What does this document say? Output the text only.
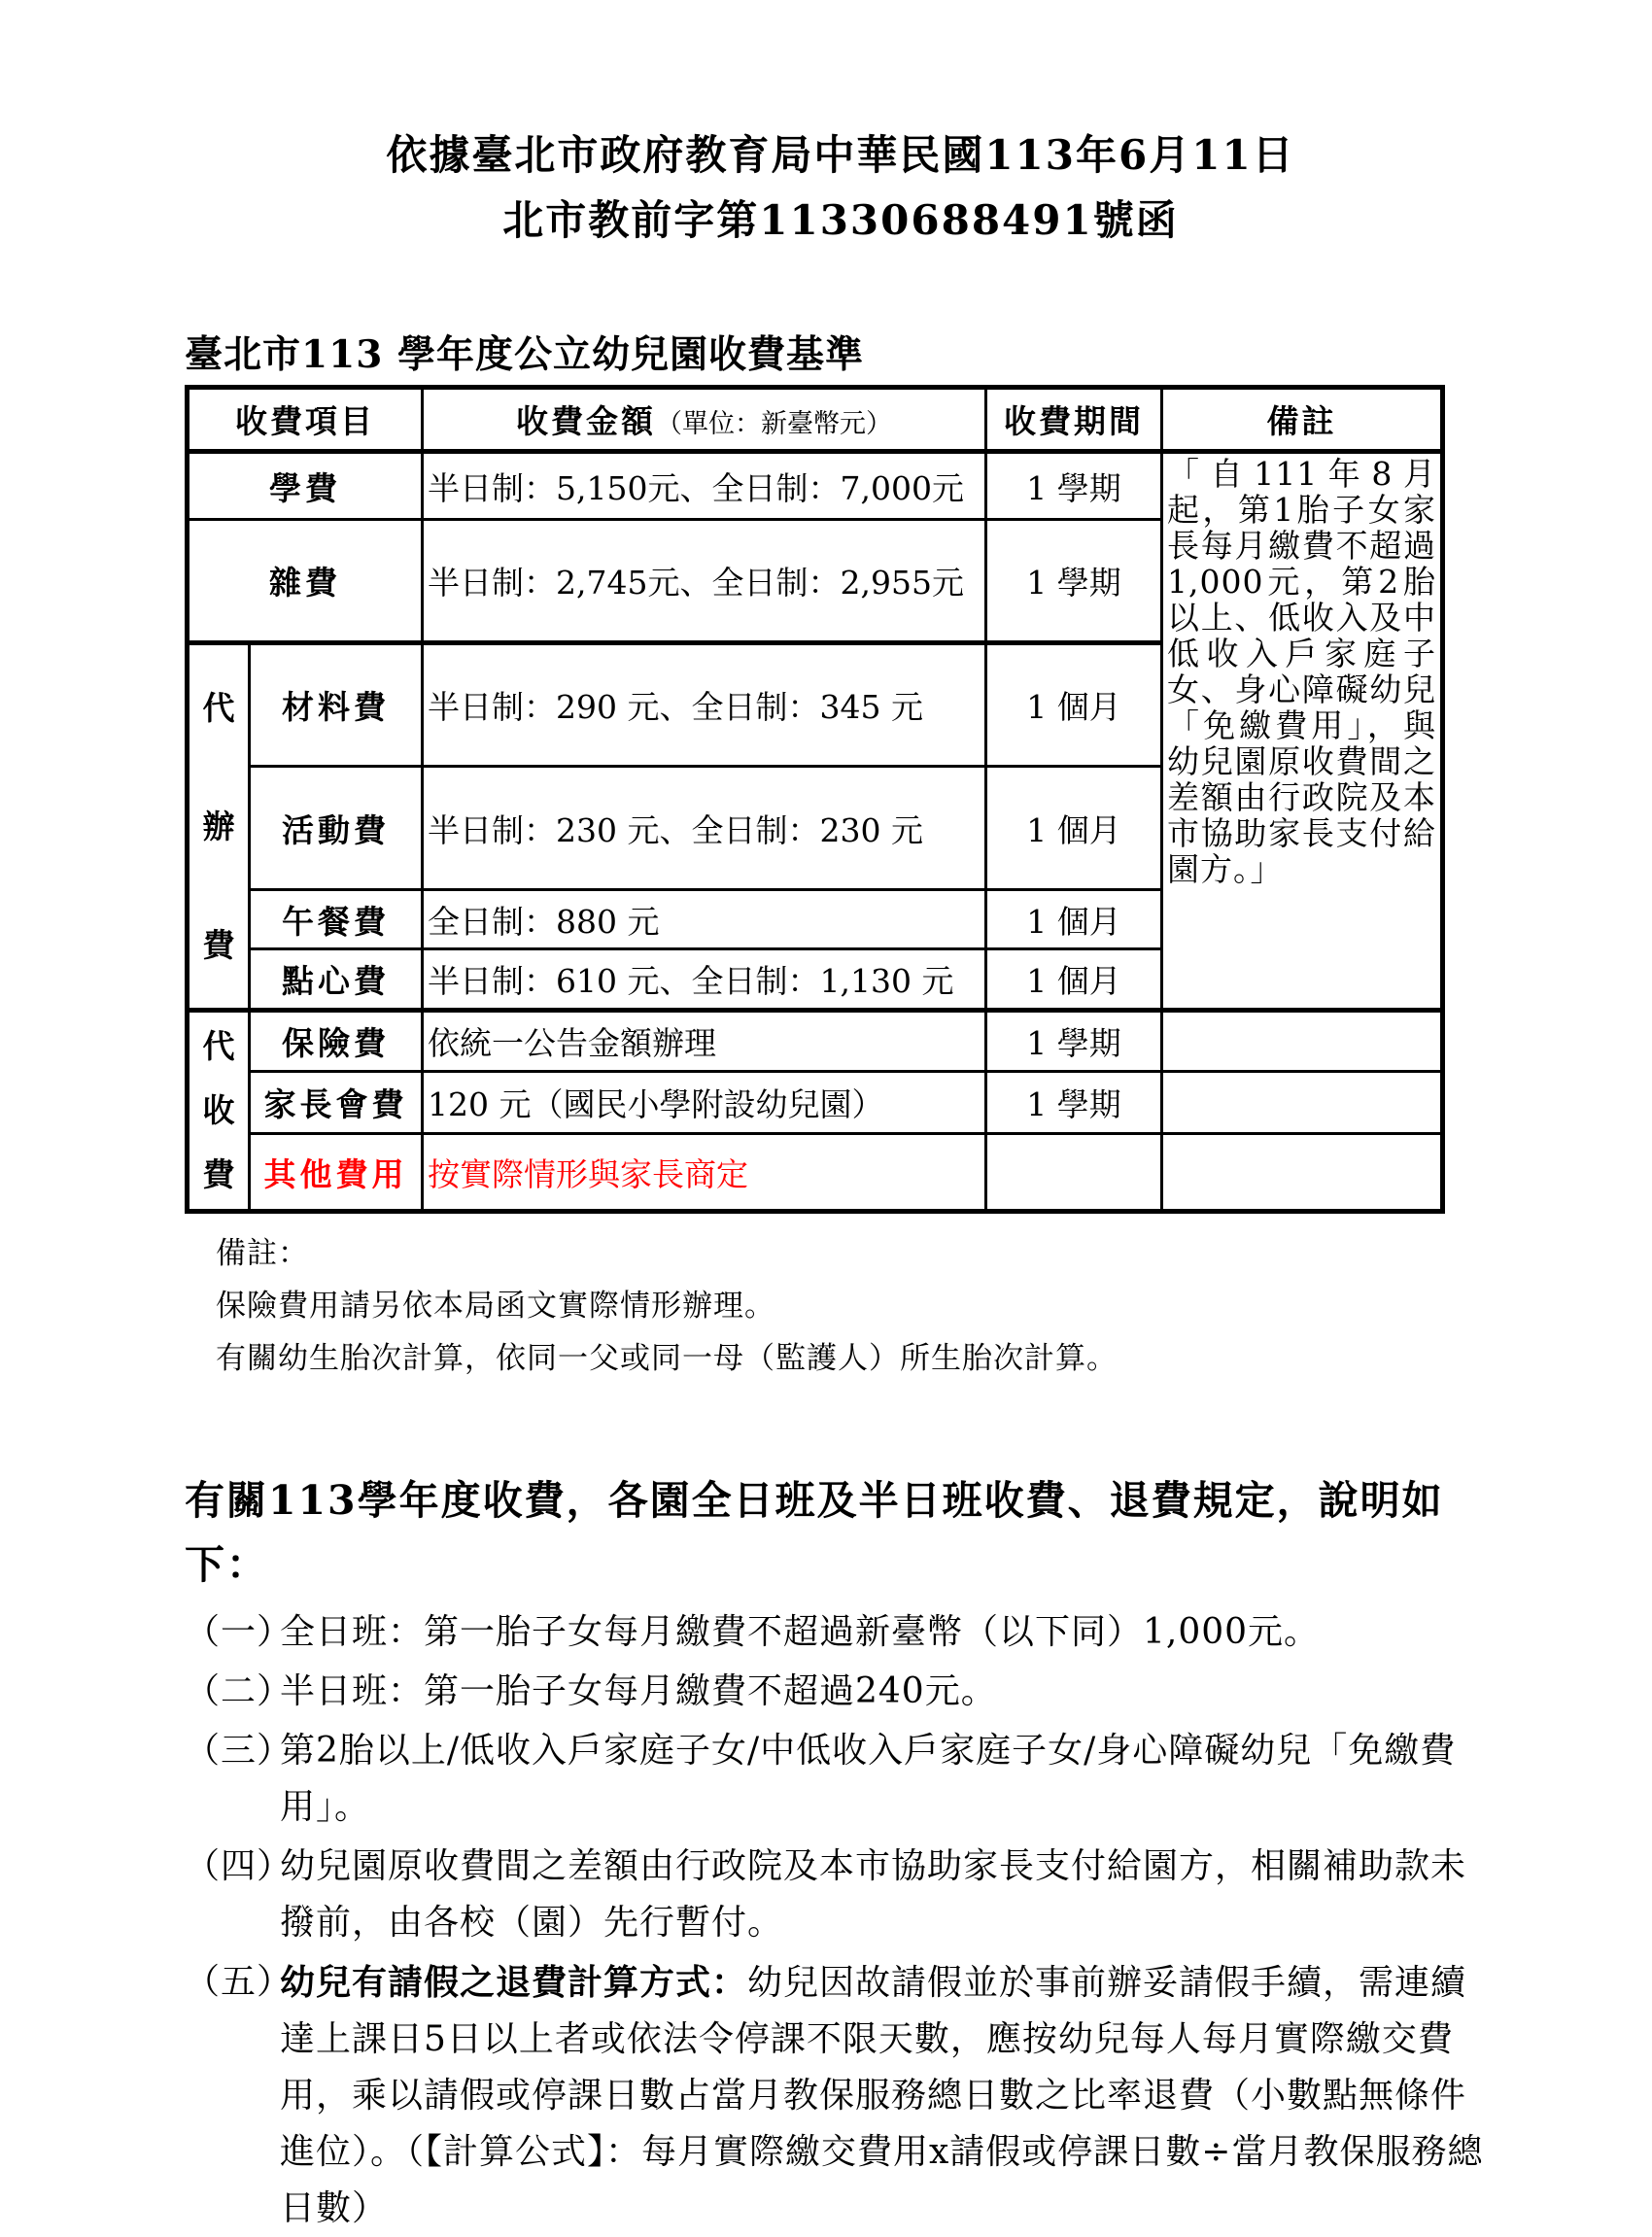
依據臺北市政府教育局中華民國113年6月11日
北市教前字第11330688491號函
臺北市113 學年度公立幼兒園收費基準
收費項目		收費金額（單位：新臺幣元）	收費期間	備註
學費		半日制：5,150元、全日制：7,000元	1 學期	「自111年8月起，第1胎子女家長每月繳費不超過1,000元，第2胎以上、低收入及中低收入戶家庭子女、身心障礙幼兒「免繳費用」，與幼兒園原收費間之差額由行政院及本市協助家長支付給園方。」
雜費		半日制：2,745元、全日制：2,955元	1 學期	
代辦費	材料費	半日制：290 元、全日制：345 元	1 個月	
	活動費	半日制：230 元、全日制：230 元	1 個月	
	午餐費	全日制：880 元	1 個月	
	點心費	半日制：610 元、全日制：1,130 元	1 個月	
代收費	保險費	依統一公告金額辦理	1 學期	
	家長會費	120 元（國民小學附設幼兒園）	1 學期	
	其他費用	按實際情形與家長商定		
備註：
保險費用請另依本局函文實際情形辦理。
有關幼生胎次計算，依同一父或同一母（監護人）所生胎次計算。
有關113學年度收費，各園全日班及半日班收費、退費規定，說明如下：
（一）
全日班：第一胎子女每月繳費不超過新臺幣（以下同）1,000元。
（二）
半日班：第一胎子女每月繳費不超過240元。
（三）
第2胎以上/低收入戶家庭子女/中低收入戶家庭子女/身心障礙幼兒「免繳費用」。
（四）
幼兒園原收費間之差額由行政院及本市協助家長支付給園方，相關補助款未撥前，由各校（園）先行暫付。
（五）
幼兒有請假之退費計算方式：幼兒因故請假並於事前辦妥請假手續，需連續達上課日5日以上者或依法令停課不限天數，應按幼兒每人每月實際繳交費用，乘以請假或停課日數占當月教保服務總日數之比率退費（小數點無條件進位）。（【計算公式】：每月實際繳交費用x請假或停課日數÷當月教保服務總日數）
